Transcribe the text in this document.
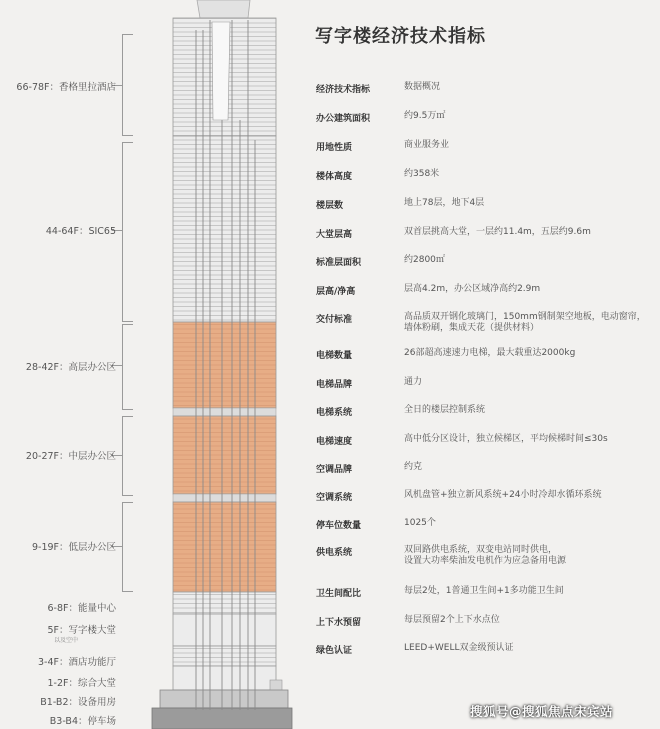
66-78F：香格里拉酒店
44-64F：SIC65
28-42F：高层办公区
20-27F：中层办公区
9-19F：低层办公区
6-8F：能量中心
5F：写字楼大堂
以及空中
3-4F：酒店功能厅
1-2F：综合大堂
B1-B2：设备用房
B3-B4：停车场
写字楼经济技术指标
经济技术指标	数据概况
办公建筑面积	约9.5万㎡
用地性质	商业服务业
楼体高度	约358米
楼层数	地上78层，地下4层
大堂层高	双首层挑高大堂，一层约11.4m，五层约9.6m
标准层面积	约2800㎡
层高/净高	层高4.2m，办公区域净高约2.9m
交付标准	高品质双开钢化玻璃门，150mm钢制架空地板，电动窗帘，
墙体粉刷，集成天花（提供材料）
电梯数量	26部超高速速力电梯，最大载重达2000kg
电梯品牌	通力
电梯系统	全日的楼层控制系统
电梯速度	高中低分区设计，独立候梯区，平均候梯时间≤30s
空调品牌	约克
空调系统	风机盘管+独立新风系统+24小时冷却水循环系统
停车位数量	1025个
供电系统	双回路供电系统，双变电站同时供电，
设置大功率柴油发电机作为应急备用电源
卫生间配比	每层2处，1普通卫生间+1多功能卫生间
上下水预留	每层预留2个上下水点位
绿色认证	LEED+WELL双金级预认证
搜狐号@搜狐焦点宋宾站
